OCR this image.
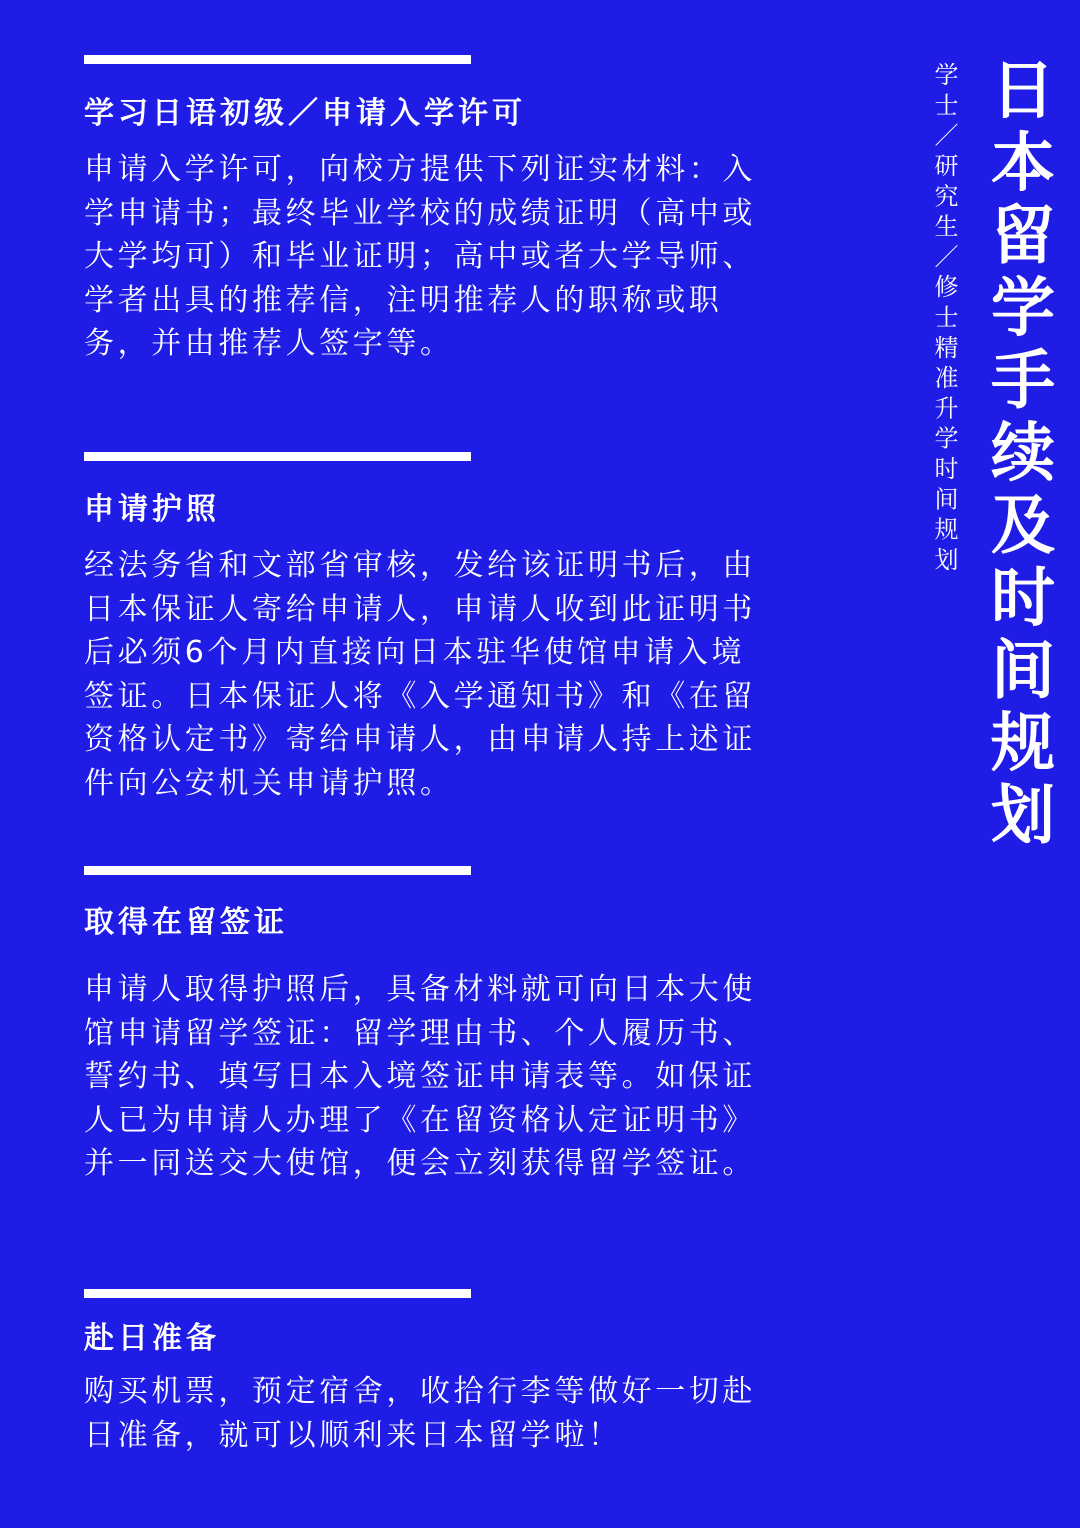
日本留学手续及时间规划
学士／研究生／修士精准升学时间规划
学习日语初级／申请入学许可
申请入学许可，向校方提供下列证实材料：入学申请书；最终毕业学校的成绩证明（高中或大学均可）和毕业证明；高中或者大学导师、学者出具的推荐信，注明推荐人的职称或职务，并由推荐人签字等。
申请护照
经法务省和文部省审核，发给该证明书后，由日本保证人寄给申请人，申请人收到此证明书后必须6个月内直接向日本驻华使馆申请入境签证。日本保证人将《入学通知书》和《在留资格认定书》寄给申请人，由申请人持上述证件向公安机关申请护照。
取得在留签证
申请人取得护照后，具备材料就可向日本大使馆申请留学签证：留学理由书、个人履历书、誓约书、填写日本入境签证申请表等。如保证人已为申请人办理了《在留资格认定证明书》并一同送交大使馆，便会立刻获得留学签证。
赴日准备
购买机票，预定宿舍，收拾行李等做好一切赴日准备，就可以顺利来日本留学啦！
